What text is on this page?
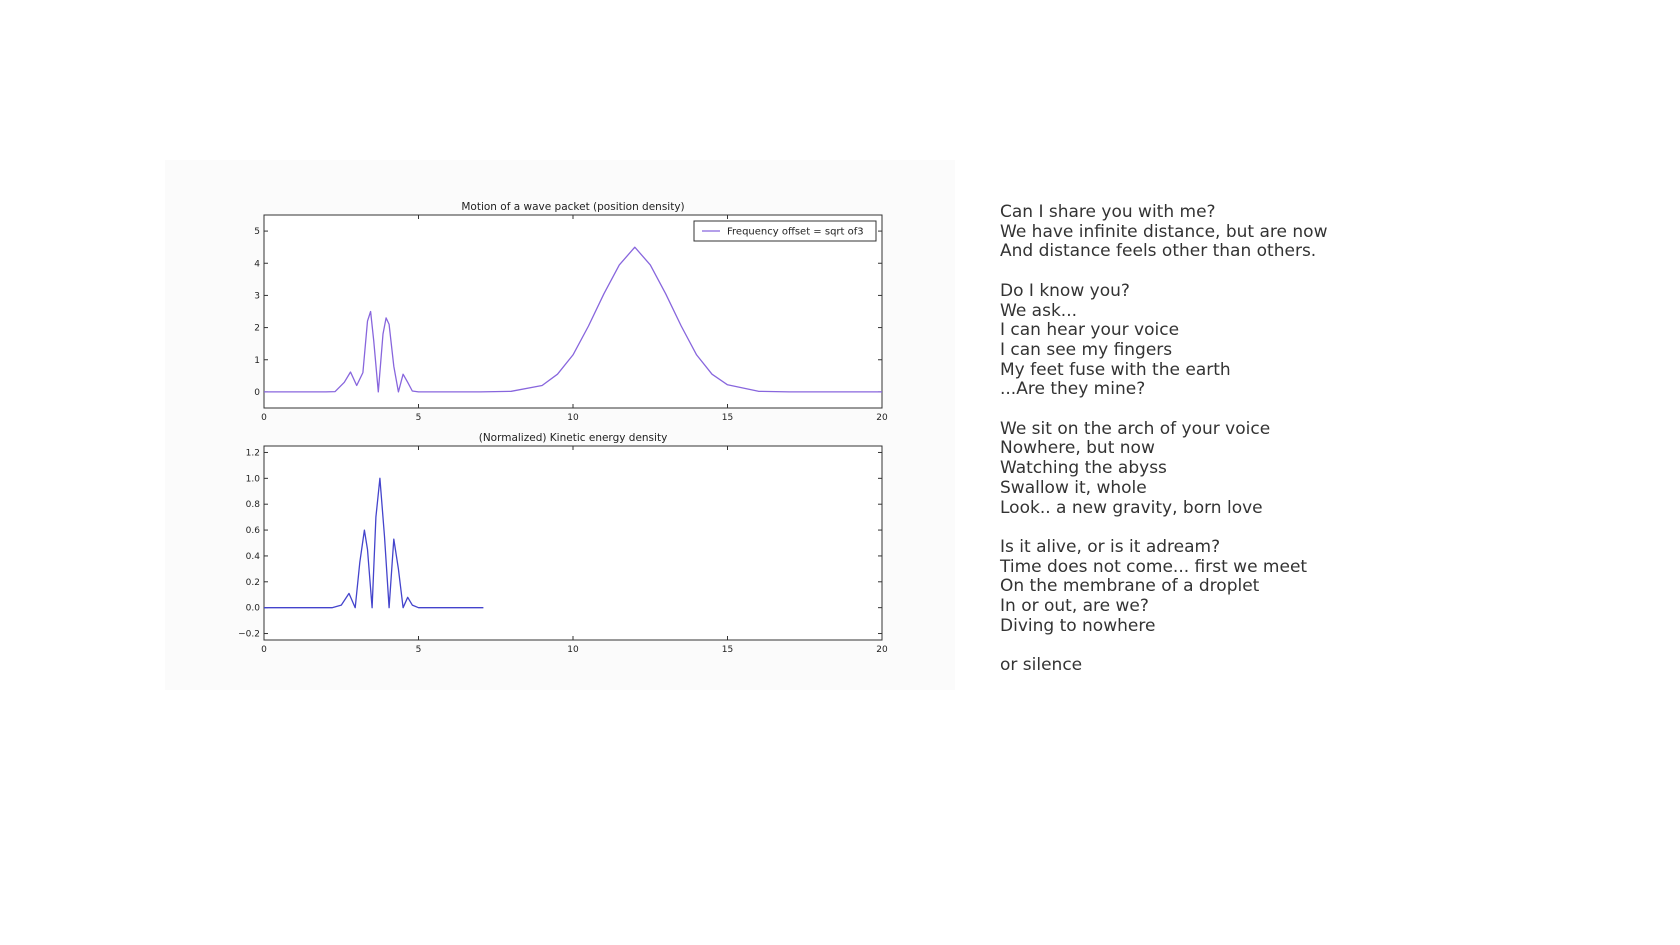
Motion of a wave packet (position density)
0	5	10	15	20
0
1
2
3
4
5	Frequency offset = sqrt of3
(Normalized) Kinetic energy density
0	5	10	15	20
−0.2
0.0
0.2
0.4
0.6
0.8
1.0
1.2
Can I share you with me?
We have infinite distance, but are now
And distance feels other than others.
Do I know you?
We ask...
I can hear your voice
I can see my fingers
My feet fuse with the earth
...Are they mine?
We sit on the arch of your voice
Nowhere, but now
Watching the abyss
Swallow it, whole
Look.. a new gravity, born love
Is it alive, or is it adream?
Time does not come... first we meet
On the membrane of a droplet
In or out, are we?
Diving to nowhere
or silence
